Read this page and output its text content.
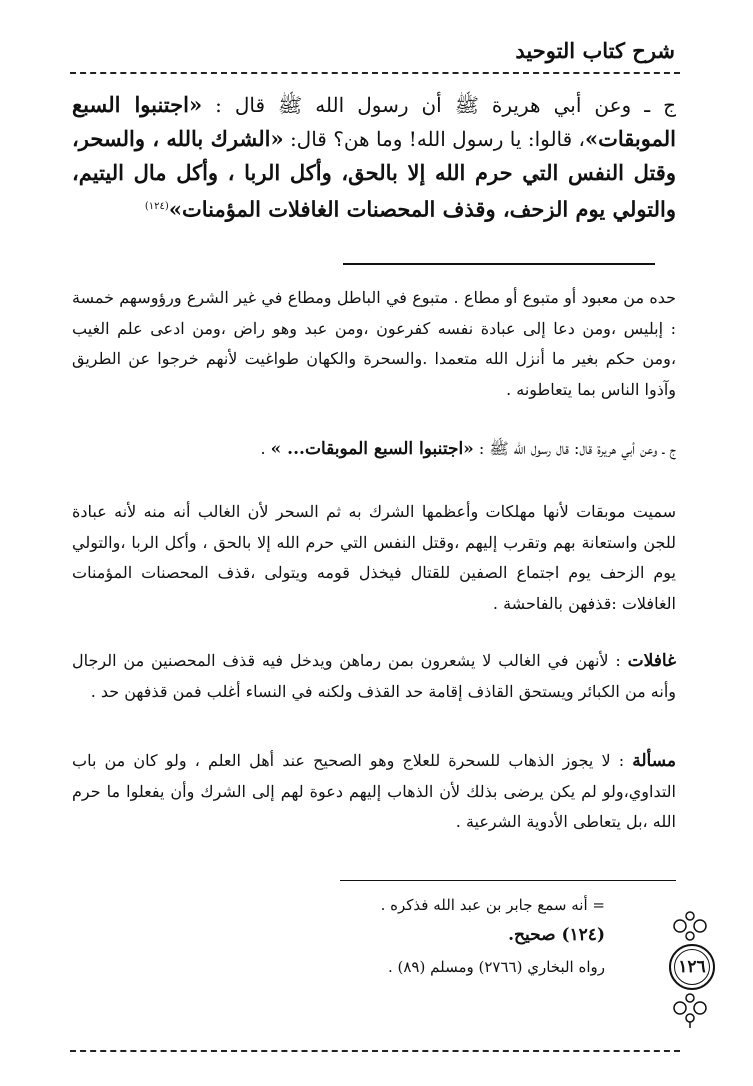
شرح كتاب التوحيد
ج ـ وعن أبي هريرة ﷺ أن رسول الله ﷺ قال : «اجتنبوا السبع الموبقات»، قالوا: يا رسول الله! وما هن؟ قال: «الشرك بالله ، والسحر، وقتل النفس التي حرم الله إلا بالحق، وأكل الربا ، وأكل مال اليتيم، والتولي يوم الزحف، وقذف المحصنات الغافلات المؤمنات»$^{(١٢٤)}$
حده من معبود أو متبوع أو مطاع . متبوع في الباطل ومطاع في غير الشرع ورؤوسهم خمسة : إبليس ،ومن دعا إلى عبادة نفسه كفرعون ،ومن عبد وهو راض ،ومن ادعى علم الغيب ،ومن حكم بغير ما أنزل الله متعمدا .والسحرة والكهان طواغيت لأنهم خرجوا عن الطريق وآذوا الناس بما يتعاطونه .
ج ـ وعن أبي هريرة قال: قال رسول الله ﷺ : «اجتنبوا السبع الموبقات... » .
سميت موبقات لأنها مهلكات وأعظمها الشرك به ثم السحر لأن الغالب أنه منه لأنه عبادة للجن واستعانة بهم وتقرب إليهم ،وقتل النفس التي حرم الله إلا بالحق ، وأكل الربا ،والتولي يوم الزحف يوم اجتماع الصفين للقتال فيخذل قومه ويتولى ،قذف المحصنات المؤمنات الغافلات :قذفهن بالفاحشة .
غافلات : لأنهن في الغالب لا يشعرون بمن رماهن ويدخل فيه قذف المحصنين من الرجال وأنه من الكبائر ويستحق القاذف إقامة حد القذف ولكنه في النساء أغلب فمن قذفهن حد .
مسألة : لا يجوز الذهاب للسحرة للعلاج وهو الصحيح عند أهل العلم ، ولو كان من باب التداوي،ولو لم يكن يرضى بذلك لأن الذهاب إليهم دعوة لهم إلى الشرك وأن يفعلوا ما حرم الله ،بل يتعاطى الأدوية الشرعية .
= أنه سمع جابر بن عبد الله فذكره .
(١٢٤) صحيح.
رواه البخاري (٢٧٦٦) ومسلم (٨٩) .	١٢٦
